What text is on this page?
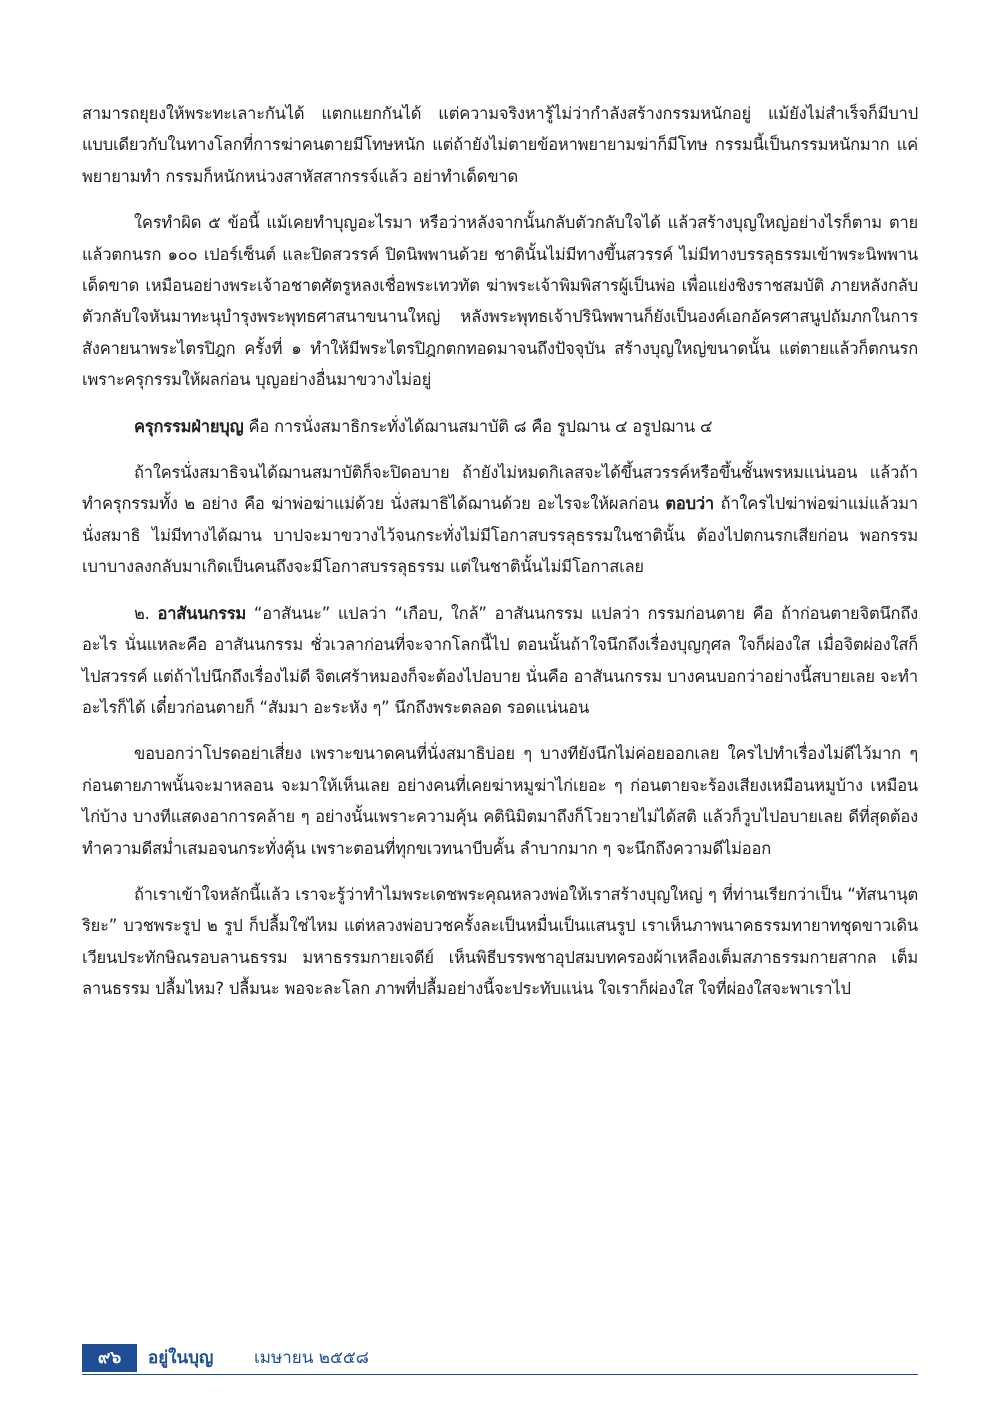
สามารถยุยงให้พระทะเลาะกันได้ แตกแยกกันได้ แต่ความจริงหารู้ไม่ว่ากำลังสร้างกรรมหนักอยู่ แม้ยังไม่สำเร็จก็มีบาป แบบเดียวกับในทางโลกที่การฆ่าคนตายมีโทษหนัก แต่ถ้ายังไม่ตายข้อหาพยายามฆ่าก็มีโทษ กรรมนี้เป็นกรรมหนักมาก แค่พยายามทำ กรรมก็หนักหน่วงสาหัสสากรรจ์แล้ว อย่าทำเด็ดขาด

ใครทำผิด ๕ ข้อนี้ แม้เคยทำบุญอะไรมา หรือว่าหลังจากนั้นกลับตัวกลับใจได้ แล้วสร้างบุญใหญ่อย่างไรก็ตาม ตายแล้วตกนรก ๑๐๐ เปอร์เซ็นต์ และปิดสวรรค์ ปิดนิพพานด้วย ชาตินั้นไม่มีทางขึ้นสวรรค์ ไม่มีทางบรรลุธรรมเข้าพระนิพพานเด็ดขาด เหมือนอย่างพระเจ้าอชาตศัตรูหลงเชื่อพระเทวทัต ฆ่าพระเจ้าพิมพิสารผู้เป็นพ่อ เพื่อแย่งชิงราชสมบัติ ภายหลังกลับตัวกลับใจหันมาทะนุบำรุงพระพุทธศาสนาขนานใหญ่ หลังพระพุทธเจ้าปรินิพพานก็ยังเป็นองค์เอกอัครศาสนูปถัมภกในการสังคายนาพระไตรปิฎก ครั้งที่ ๑ ทำให้มีพระไตรปิฎกตกทอดมาจนถึงปัจจุบัน สร้างบุญใหญ่ขนาดนั้น แต่ตายแล้วก็ตกนรก เพราะครุกรรมให้ผลก่อน บุญอย่างอื่นมาขวางไม่อยู่

ครุกรรมฝ่ายบุญ คือ การนั่งสมาธิกระทั่งได้ฌานสมาบัติ ๘ คือ รูปฌาน ๔ อรูปฌาน ๔

ถ้าใครนั่งสมาธิจนได้ฌานสมาบัติก็จะปิดอบาย ถ้ายังไม่หมดกิเลสจะได้ขึ้นสวรรค์หรือขึ้นชั้นพรหมแน่นอน แล้วถ้าทำครุกรรมทั้ง ๒ อย่าง คือ ฆ่าพ่อฆ่าแม่ด้วย นั่งสมาธิได้ฌานด้วย อะไรจะให้ผลก่อน ตอบว่า ถ้าใครไปฆ่าพ่อฆ่าแม่แล้วมานั่งสมาธิ ไม่มีทางได้ฌาน บาปจะมาขวางไว้จนกระทั่งไม่มีโอกาสบรรลุธรรมในชาตินั้น ต้องไปตกนรกเสียก่อน พอกรรมเบาบางลงกลับมาเกิดเป็นคนถึงจะมีโอกาสบรรลุธรรม แต่ในชาตินั้นไม่มีโอกาสเลย

๒. อาสันนกรรม “อาสันนะ” แปลว่า “เกือบ, ใกล้” อาสันนกรรม แปลว่า กรรมก่อนตาย คือ ถ้าก่อนตายจิตนึกถึงอะไร นั่นแหละคือ อาสันนกรรม ชั่วเวลาก่อนที่จะจากโลกนี้ไป ตอนนั้นถ้าใจนึกถึงเรื่องบุญกุศล ใจก็ผ่องใส เมื่อจิตผ่องใสก็ไปสวรรค์ แต่ถ้าไปนึกถึงเรื่องไม่ดี จิตเศร้าหมองก็จะต้องไปอบาย นั่นคือ อาสันนกรรม บางคนบอกว่าอย่างนี้สบายเลย จะทำอะไรก็ได้ เดี๋ยวก่อนตายก็ “สัมมา อะระหัง ๆ” นึกถึงพระตลอด รอดแน่นอน

ขอบอกว่าโปรดอย่าเสี่ยง เพราะขนาดคนที่นั่งสมาธิบ่อย ๆ บางทียังนึกไม่ค่อยออกเลย ใครไปทำเรื่องไม่ดีไว้มาก ๆ ก่อนตายภาพนั้นจะมาหลอน จะมาให้เห็นเลย อย่างคนที่เคยฆ่าหมูฆ่าไก่เยอะ ๆ ก่อนตายจะร้องเสียงเหมือนหมูบ้าง เหมือนไก่บ้าง บางทีแสดงอาการคล้าย ๆ อย่างนั้นเพราะความคุ้น คตินิมิตมาถึงก็โวยวายไม่ได้สติ แล้วก็วูบไปอบายเลย ดีที่สุดต้องทำความดีสม่ำเสมอจนกระทั่งคุ้น เพราะตอนที่ทุกขเวทนาบีบคั้น ลำบากมาก ๆ จะนึกถึงความดีไม่ออก

ถ้าเราเข้าใจหลักนี้แล้ว เราจะรู้ว่าทำไมพระเดชพระคุณหลวงพ่อให้เราสร้างบุญใหญ่ ๆ ที่ท่านเรียกว่าเป็น “ทัสนานุตริยะ” บวชพระรูป ๒ รูป ก็ปลื้มใช่ไหม แต่หลวงพ่อบวชครั้งละเป็นหมื่นเป็นแสนรูป เราเห็นภาพนาคธรรมทายาทชุดขาวเดินเวียนประทักษิณรอบลานธรรม มหาธรรมกายเจดีย์ เห็นพิธีบรรพชาอุปสมบทครองผ้าเหลืองเต็มสภาธรรมกายสากล เต็มลานธรรม ปลื้มไหม? ปลื้มนะ พอจะละโลก ภาพที่ปลื้มอย่างนี้จะประทับแน่น ใจเราก็ผ่องใส ใจที่ผ่องใสจะพาเราไป

๙๖	อยู่ในบุญ เมษายน ๒๕๕๘
